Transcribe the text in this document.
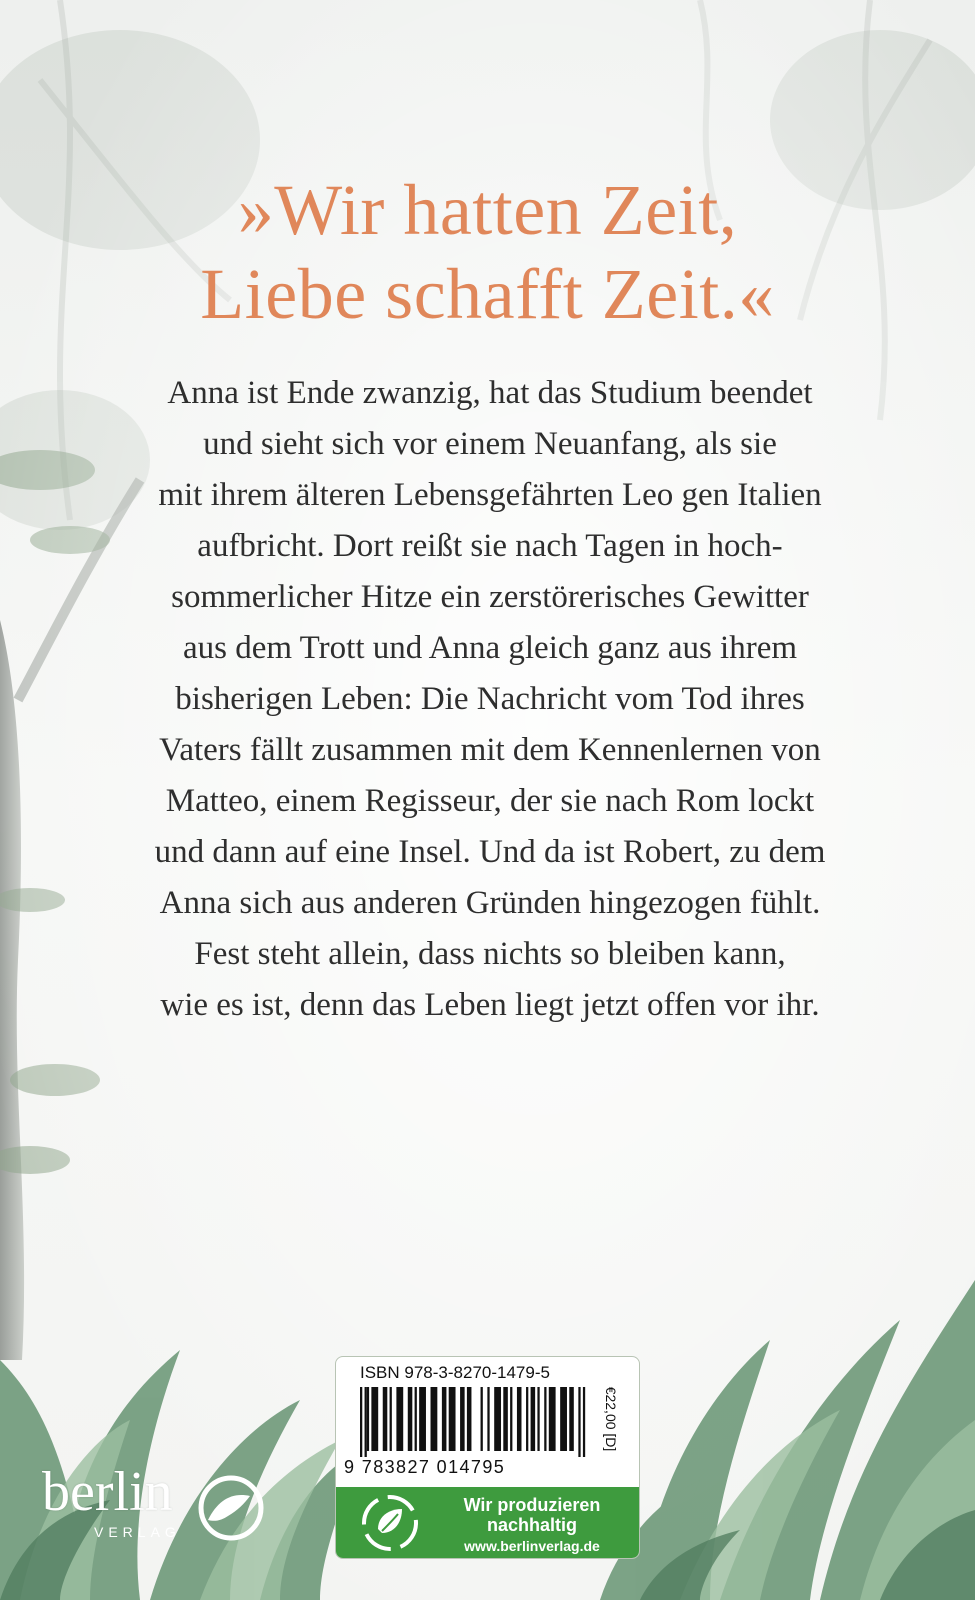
»Wir hatten Zeit,
Liebe schafft Zeit.«
Anna ist Ende zwanzig, hat das Studium beendet
und sieht sich vor einem Neuanfang, als sie
mit ihrem älteren Lebensgefährten Leo gen Italien
aufbricht. Dort reißt sie nach Tagen in hoch-
sommerlicher Hitze ein zerstörerisches Gewitter
aus dem Trott und Anna gleich ganz aus ihrem
bisherigen Leben: Die Nachricht vom Tod ihres
Vaters fällt zusammen mit dem Kennenlernen von
Matteo, einem Regisseur, der sie nach Rom lockt
und dann auf eine Insel. Und da ist Robert, zu dem
Anna sich aus anderen Gründen hingezogen fühlt.
Fest steht allein, dass nichts so bleiben kann,
wie es ist, denn das Leben liegt jetzt offen vor ihr.
ISBN 978-3-8270-1479-5
9 783827 014795
€22,00 [D]
Wir produzieren
nachhaltig
www.berlinverlag.de
berlin
VERLAG
